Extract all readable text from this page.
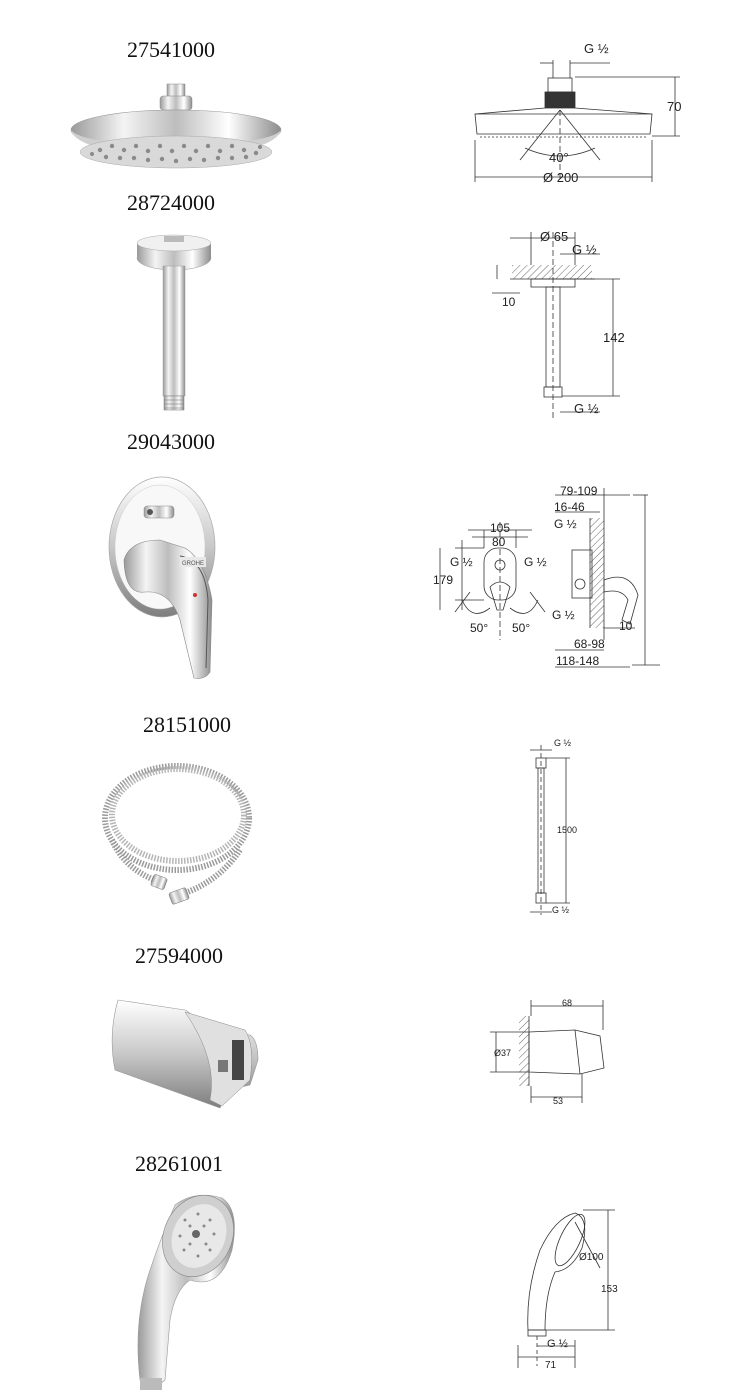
27541000
28724000
29043000
28151000
27594000
28261001
G ½
70
40°
Ø 200
Ø 65
G ½
10
142
G ½
GROHE
105
80
G ½	G ½
179
50° 50°
79-109
16-46
G ½
G ½
10
68-98
118-148
G ½
1500
G ½
68
Ø37
53
Ø100
153
G ½
71
